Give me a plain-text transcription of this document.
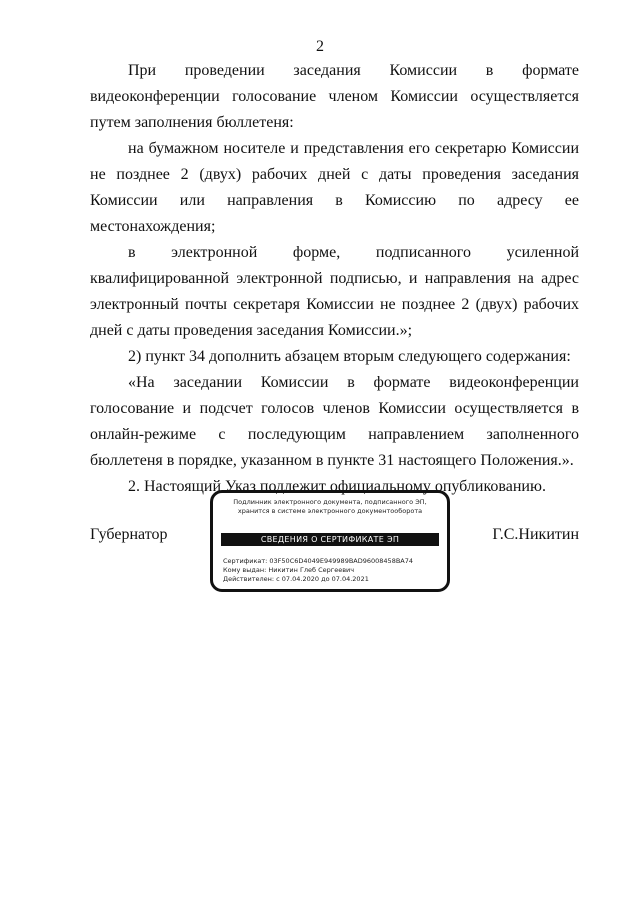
2

При проведении заседания Комиссии в формате видеоконференции голосование членом Комиссии осуществляется путем заполнения бюллетеня:

на бумажном носителе и представления его секретарю Комиссии не позднее 2 (двух) рабочих дней с даты проведения заседания Комиссии или направления в Комиссию по адресу ее местонахождения;

в электронной форме, подписанного усиленной квалифицированной электронной подписью, и направления на адрес электронный почты секретаря Комиссии не позднее 2 (двух) рабочих дней с даты проведения заседания Комиссии.»;

2) пункт 34 дополнить абзацем вторым следующего содержания:

«На заседании Комиссии в формате видеоконференции голосование и подсчет голосов членов Комиссии осуществляется в онлайн-режиме с последующим направлением заполненного бюллетеня в порядке, указанном в пункте 31 настоящего Положения.».

2. Настоящий Указ подлежит официальному опубликованию.

Губернатор
Подлинник электронного документа, подписанного ЭП,
хранится в системе электронного документооборота
СВЕДЕНИЯ О СЕРТИФИКАТЕ ЭП
Сертификат: 03F50C6D4049E949989BAD96008458BA74
Кому выдан: Никитин Глеб Сергеевич
Действителен: с 07.04.2020 до 07.04.2021
Г.С.Никитин
